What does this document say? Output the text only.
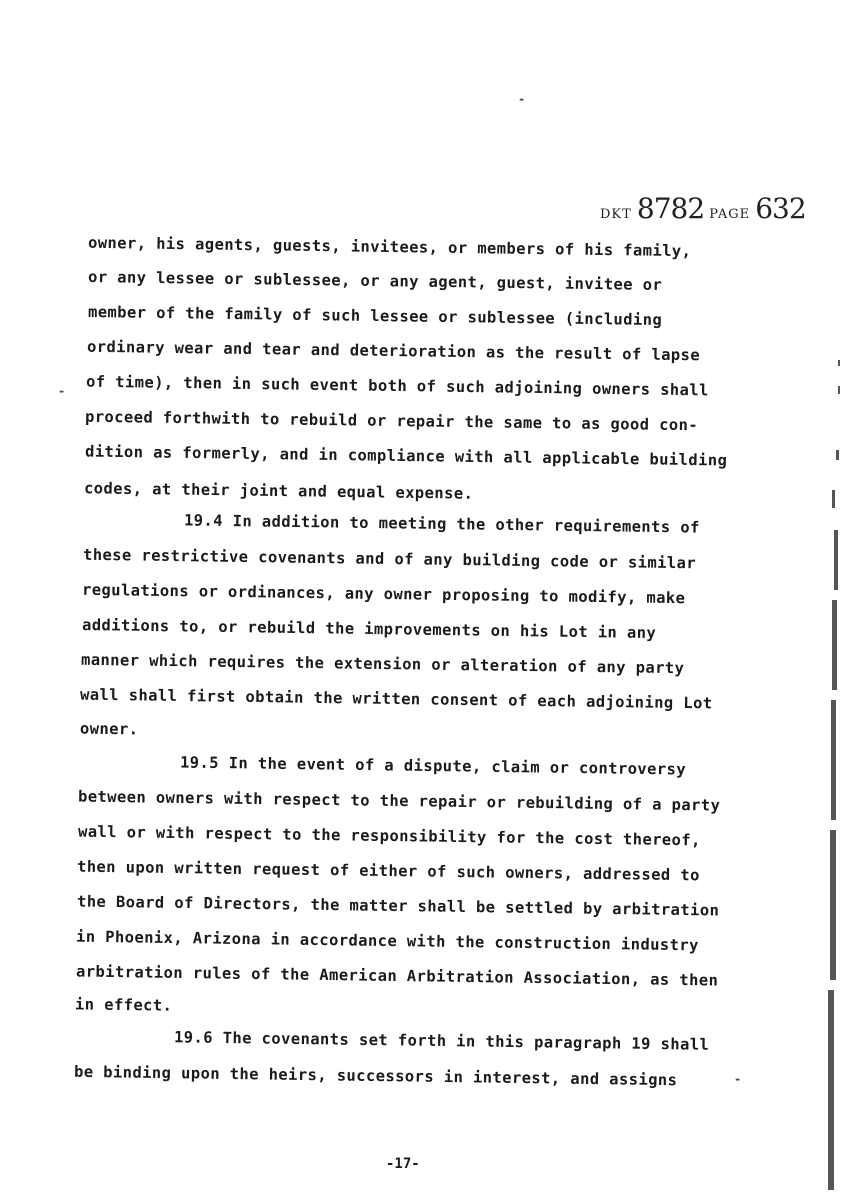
-
-
-
DKT 8782 PAGE 632
owner, his agents, guests, invitees, or members of his family,
or any lessee or sublessee, or any agent, guest, invitee or
member of the family of such lessee or sublessee (including
ordinary wear and tear and deterioration as the result of lapse
of time), then in such event both of such adjoining owners shall
proceed forthwith to rebuild or repair the same to as good con-
dition as formerly, and in compliance with all applicable building
codes, at their joint and equal expense.
19.4 In addition to meeting the other requirements of
these restrictive covenants and of any building code or similar
regulations or ordinances, any owner proposing to modify, make
additions to, or rebuild the improvements on his Lot in any
manner which requires the extension or alteration of any party
wall shall first obtain the written consent of each adjoining Lot
owner.
19.5 In the event of a dispute, claim or controversy
between owners with respect to the repair or rebuilding of a party
wall or with respect to the responsibility for the cost thereof,
then upon written request of either of such owners, addressed to
the Board of Directors, the matter shall be settled by arbitration
in Phoenix, Arizona in accordance with the construction industry
arbitration rules of the American Arbitration Association, as then
in effect.
19.6 The covenants set forth in this paragraph 19 shall
be binding upon the heirs, successors in interest, and assigns
-17-
